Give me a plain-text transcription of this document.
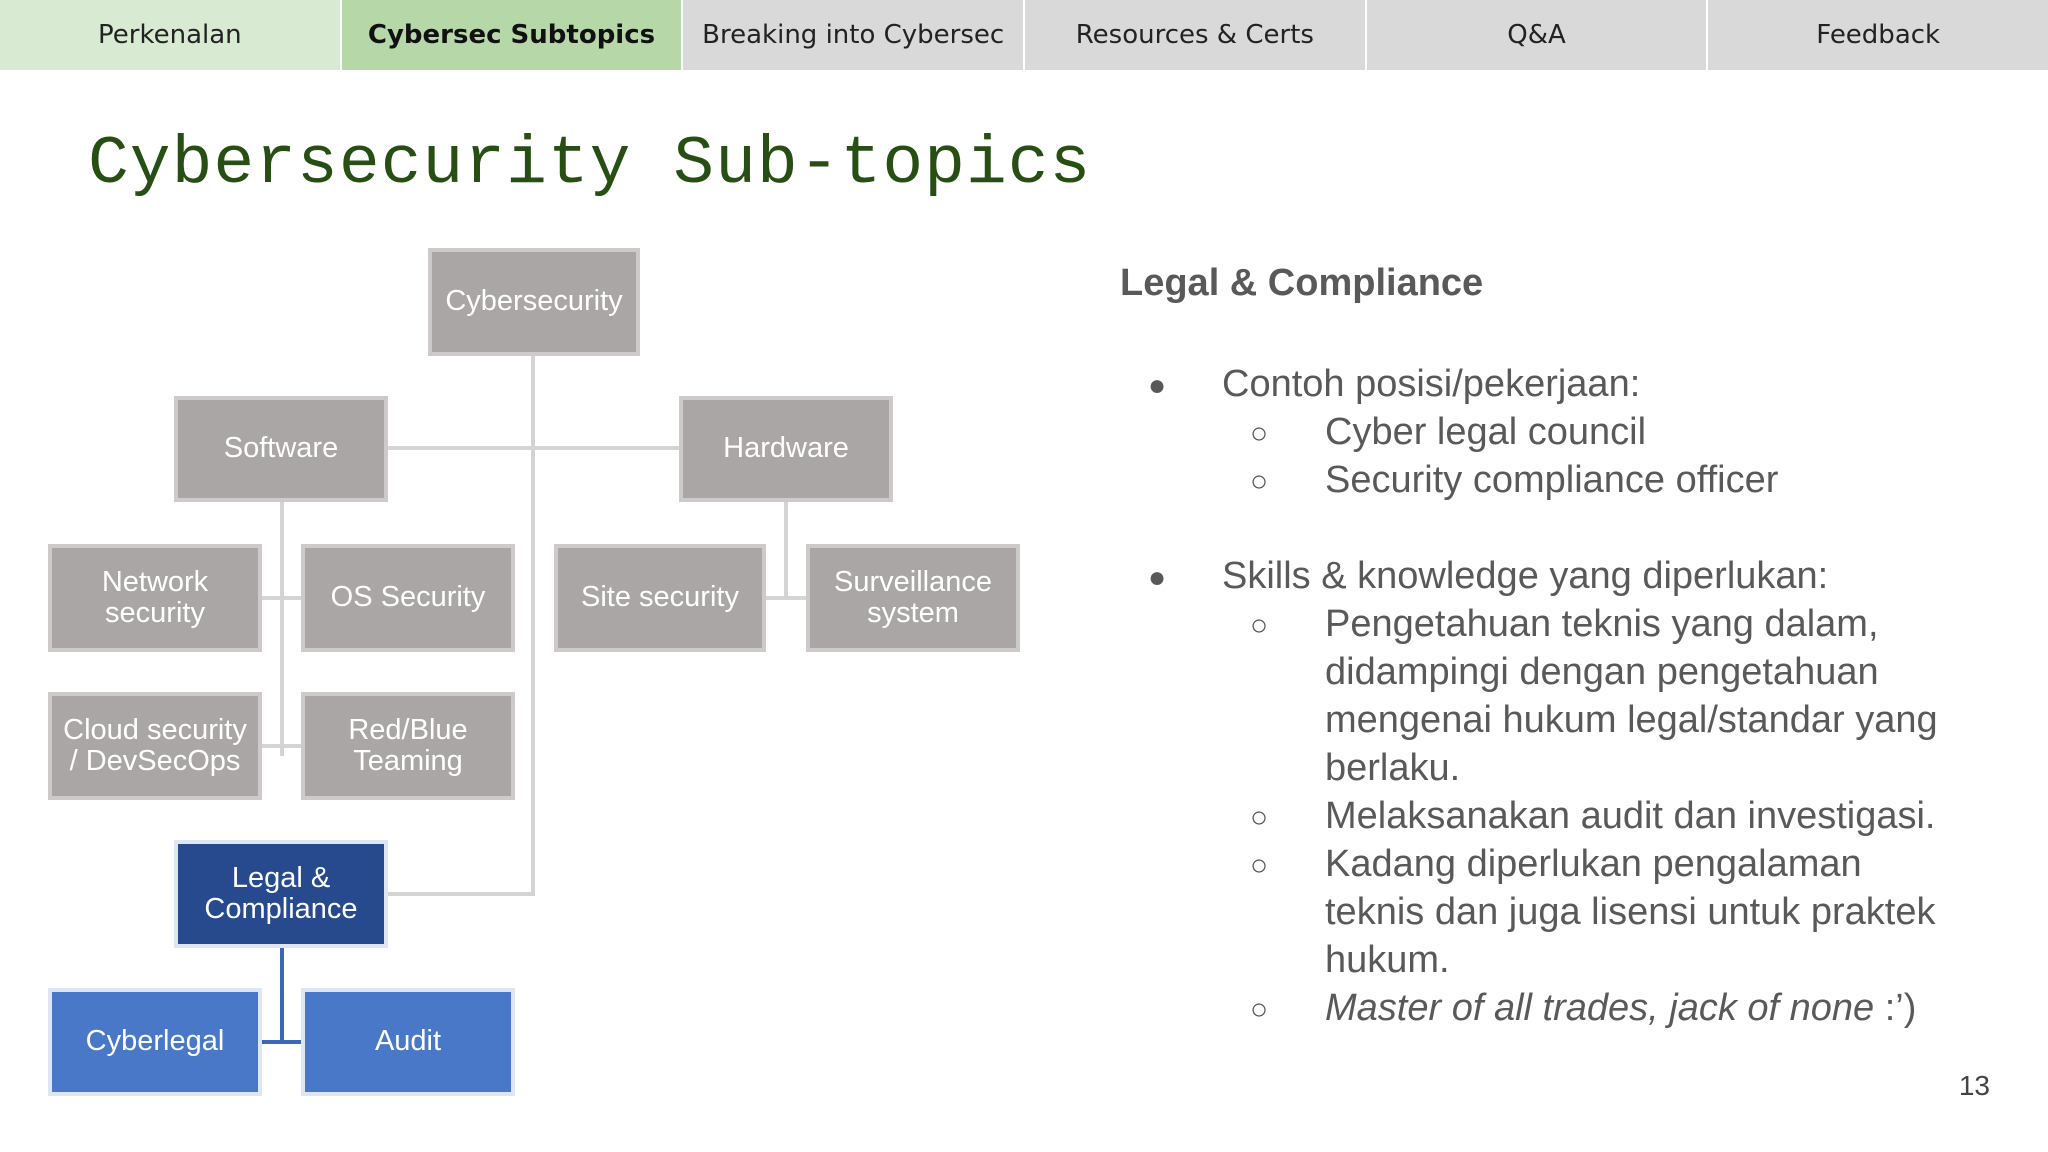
Perkenalan	Cybersec Subtopics	Breaking into Cybersec	Resources & Certs	Q&A	Feedback
Cybersecurity Sub-topics
Cybersecurity
Software	Hardware
Network
security	OS Security
Cloud security
/ DevSecOps
Red/Blue
Teaming
Site security	Surveillance
system
Legal &
Compliance
Cyberlegal	Audit
Legal & Compliance
● Contoh posisi/pekerjaan:
○ Cyber legal council
○ Security compliance officer
● Skills & knowledge yang diperlukan:
○ Pengetahuan teknis yang dalam,
didampingi dengan pengetahuan
mengenai hukum legal/standar yang
berlaku.
○ Melaksanakan audit dan investigasi.
○ Kadang diperlukan pengalaman
teknis dan juga lisensi untuk praktek
hukum.
○ Master of all trades, jack of none :’)
13
